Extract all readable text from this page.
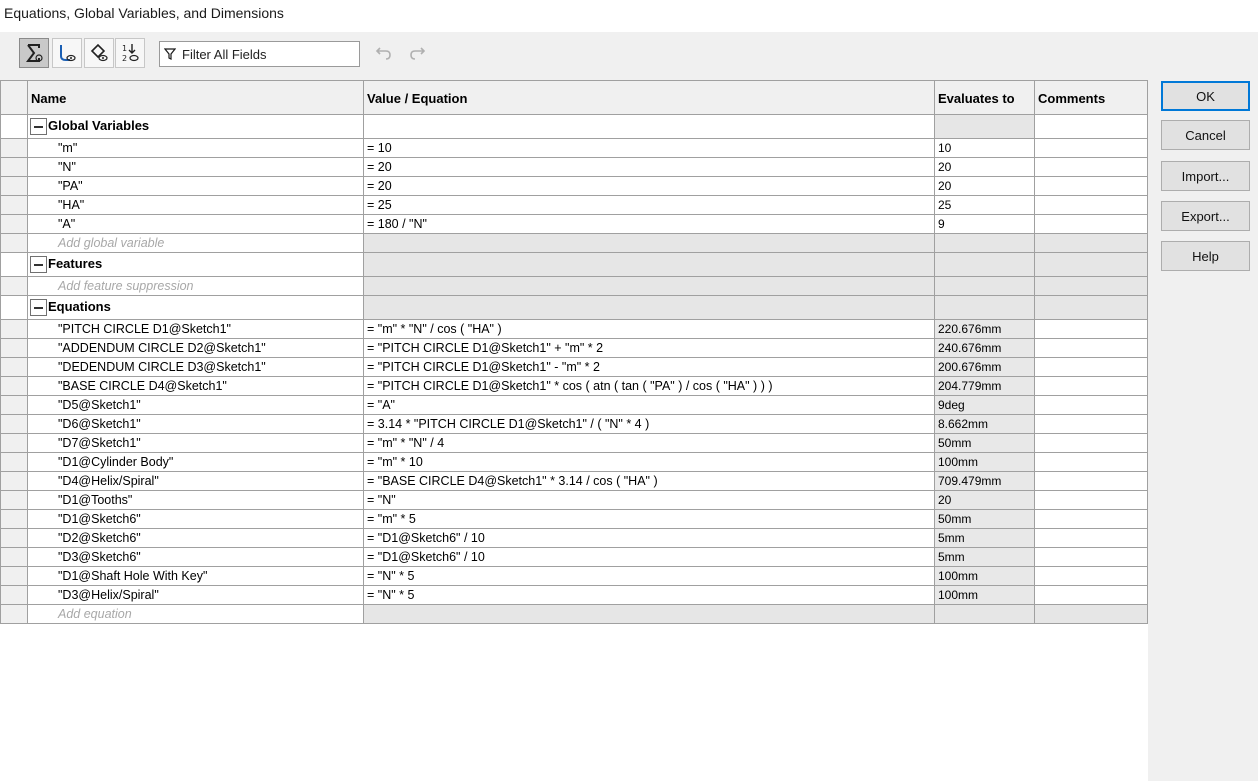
Equations, Global Variables, and Dimensions
1
2	Filter All Fields
	Name	Value / Equation	Evaluates to	Comments
	Global Variables			
	"m"	= 10	10	
	"N"	= 20	20	
	"PA"	= 20	20	
	"HA"	= 25	25	
	"A"	= 180 / "N"	9	
	Add global variable			
	Features			
	Add feature suppression			
	Equations			
	"PITCH CIRCLE D1@Sketch1"	= "m" * "N" / cos ( "HA" )	220.676mm	
	"ADDENDUM CIRCLE D2@Sketch1"	= "PITCH CIRCLE D1@Sketch1" + "m" * 2	240.676mm	
	"DEDENDUM CIRCLE D3@Sketch1"	= "PITCH CIRCLE D1@Sketch1" - "m" * 2	200.676mm	
	"BASE CIRCLE D4@Sketch1"	= "PITCH CIRCLE D1@Sketch1" * cos ( atn ( tan ( "PA" ) / cos ( "HA" ) ) )	204.779mm	
	"D5@Sketch1"	= "A"	9deg	
	"D6@Sketch1"	= 3.14 * "PITCH CIRCLE D1@Sketch1" / ( "N" * 4 )	8.662mm	
	"D7@Sketch1"	= "m" * "N" / 4	50mm	
	"D1@Cylinder Body"	= "m" * 10	100mm	
	"D4@Helix/Spiral"	= "BASE CIRCLE D4@Sketch1" * 3.14 / cos ( "HA" )	709.479mm	
	"D1@Tooths"	= "N"	20	
	"D1@Sketch6"	= "m" * 5	50mm	
	"D2@Sketch6"	= "D1@Sketch6" / 10	5mm	
	"D3@Sketch6"	= "D1@Sketch6" / 10	5mm	
	"D1@Shaft Hole With Key"	= "N" * 5	100mm	
	"D3@Helix/Spiral"	= "N" * 5	100mm	
	Add equation			
OK
Cancel
Import...
Export...
Help
